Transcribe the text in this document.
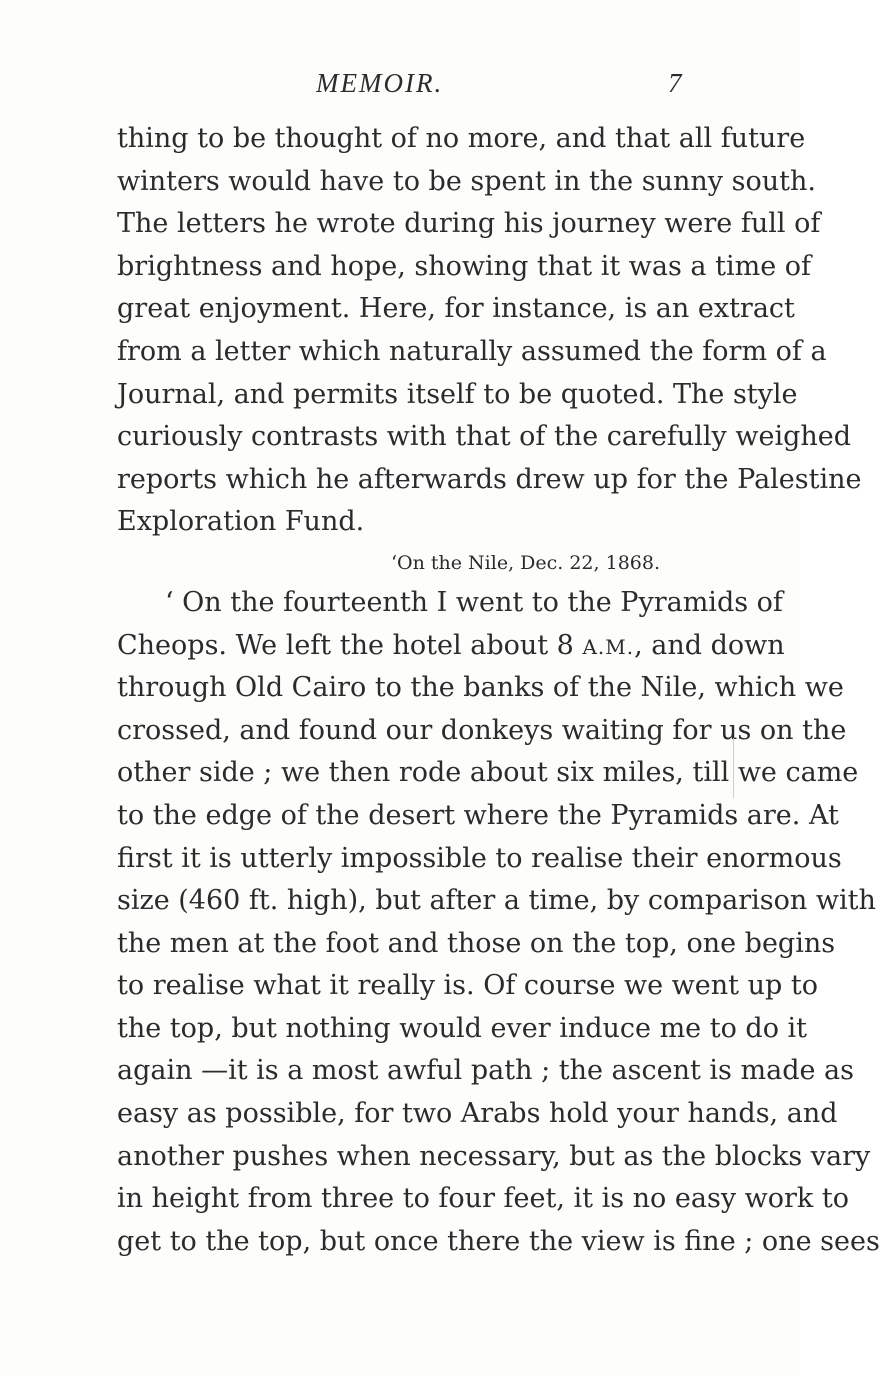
MEMOIR.	7
thing to be thought of no more, and that all future
winters would have to be spent in the sunny south.
The letters he wrote during his journey were full of
brightness and hope, showing that it was a time of
great enjoyment. Here, for instance, is an extract
from a letter which naturally assumed the form of a
Journal, and permits itself to be quoted. The style
curiously contrasts with that of the carefully weighed
reports which he afterwards drew up for the Palestine
Exploration Fund.
‘On the Nile, Dec. 22, 1868.
‘ On the fourteenth I went to the Pyramids of
Cheops. We left the hotel about 8 A.M., and down
through Old Cairo to the banks of the Nile, which we
crossed, and found our donkeys waiting for us on the
other side ; we then rode about six miles, till we came
to the edge of the desert where the Pyramids are. At
first it is utterly impossible to realise their enormous
size (460 ft. high), but after a time, by comparison with
the men at the foot and those on the top, one begins
to realise what it really is. Of course we went up to
the top, but nothing would ever induce me to do it
again —it is a most awful path ; the ascent is made as
easy as possible, for two Arabs hold your hands, and
another pushes when necessary, but as the blocks vary
in height from three to four feet, it is no easy work to
get to the top, but once there the view is fine ; one sees
